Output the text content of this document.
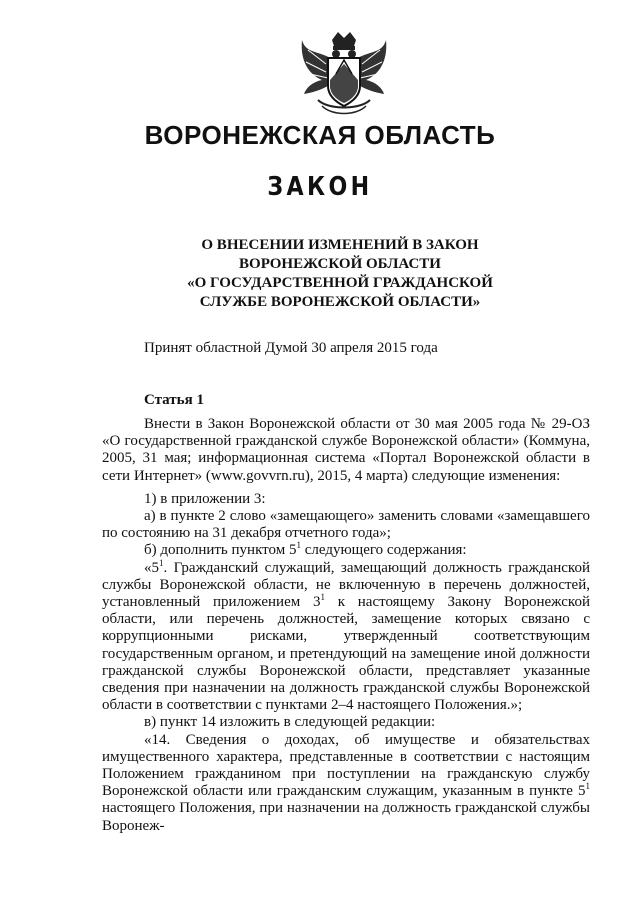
ВОРОНЕЖСКАЯ ОБЛАСТЬ
ЗАКОН
О ВНЕСЕНИИ ИЗМЕНЕНИЙ В ЗАКОН
ВОРОНЕЖСКОЙ ОБЛАСТИ
«О ГОСУДАРСТВЕННОЙ ГРАЖДАНСКОЙ
СЛУЖБЕ ВОРОНЕЖСКОЙ ОБЛАСТИ»
Принят областной Думой 30 апреля 2015 года
Статья 1

Внести в Закон Воронежской области от 30 мая 2005 года № 29-ОЗ «О государственной гражданской службе Воронежской области» (Коммуна, 2005, 31 мая; информационная система «Портал Воронежской области в сети Интернет» (www.govvrn.ru), 2015, 4 марта) следующие изменения:

1) в приложении 3:

а) в пункте 2 слово «замещающего» заменить словами «замещавшего по состоянию на 31 декабря отчетного года»;

б) дополнить пунктом $5^1$ следующего содержания:

«$5^1$. Гражданский служащий, замещающий должность гражданской службы Воронежской области, не включенную в перечень должностей, установленный приложением $3^1$ к настоящему Закону Воронежской области, или перечень должностей, замещение которых связано с коррупционными рисками, утвержденный соответствующим государственным органом, и претендующий на замещение иной должности гражданской службы Воронежской области, представляет указанные сведения при назначении на должность гражданской службы Воронежской области в соответствии с пунктами 2–4 настоящего Положения.»;

в) пункт 14 изложить в следующей редакции:

«14. Сведения о доходах, об имуществе и обязательствах имущественного характера, представленные в соответствии с настоящим Положением гражданином при поступлении на гражданскую службу Воронежской области или гражданским служащим, указанным в пункте $5^1$ настоящего Положения, при назначении на должность гражданской службы Воронеж-
